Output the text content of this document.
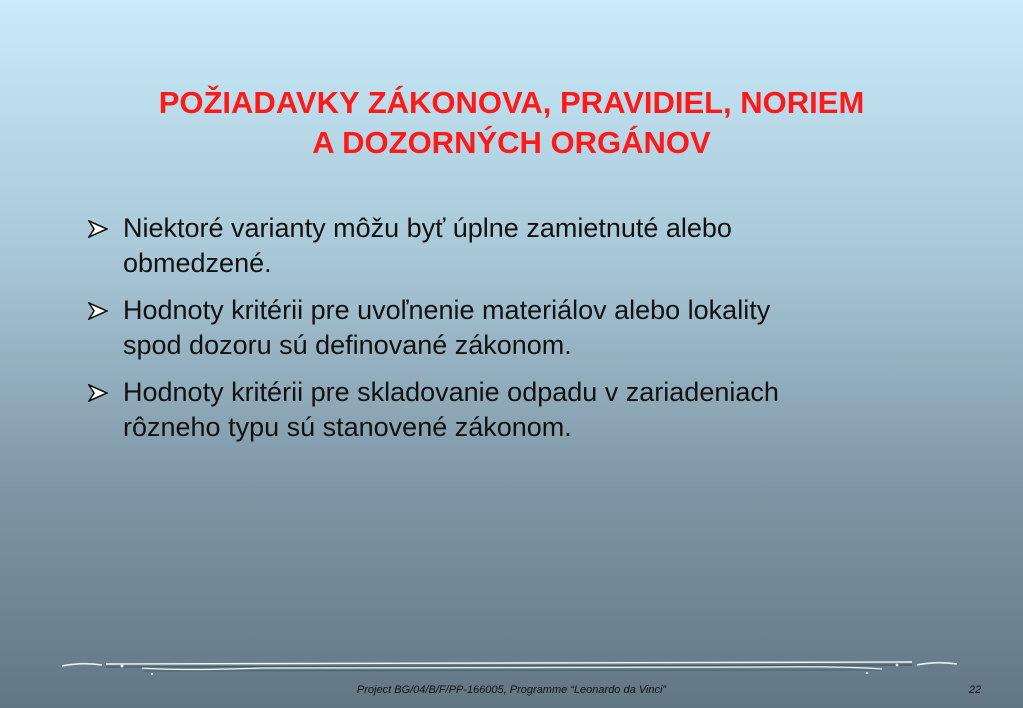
POŽIADAVKY ZÁKONOVA, PRAVIDIEL, NORIEM
A DOZORNÝCH ORGÁNOV
Niektoré varianty môžu byť úplne zamietnuté alebo
obmedzené.
Hodnoty kritérii pre uvoľnenie materiálov alebo lokality
spod dozoru sú definované zákonom.
Hodnoty kritérii pre skladovanie odpadu v zariadeniach
rôzneho typu sú stanovené zákonom.
Project BG/04/B/F/PP-166005, Programme “Leonardo da Vinci”	22
